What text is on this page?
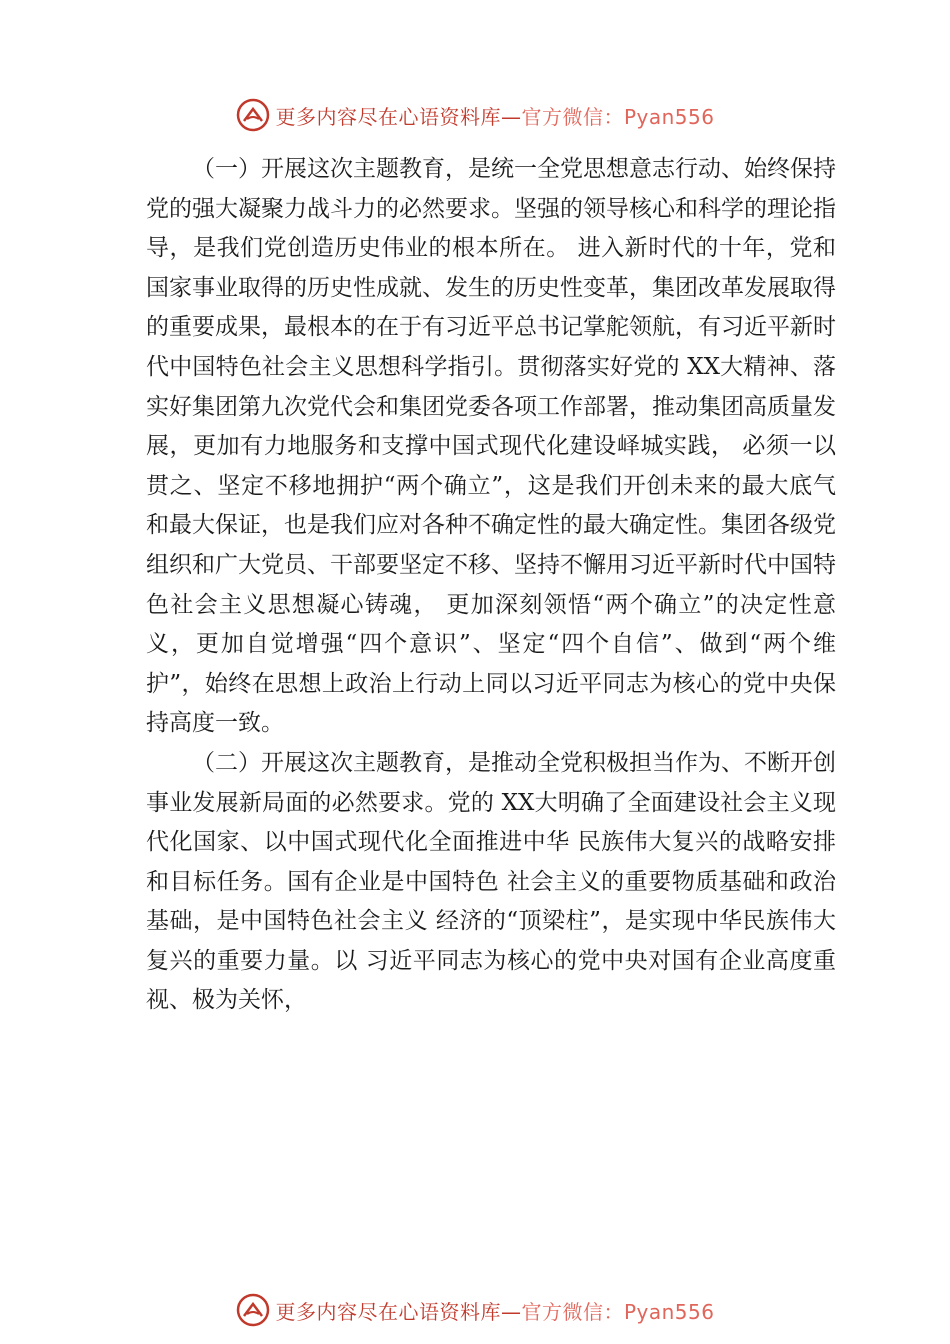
更多内容尽在心语资料库—官方微信：Pyan556

（一）开展这次主题教育，是统一全党思想意志行动、始终保持党的强大凝聚力战斗力的必然要求。坚强的领导核心和科学的理论指导，是我们党创造历史伟业的根本所在。 进入新时代的十年，党和国家事业取得的历史性成就、发生的历史性变革，集团改革发展取得的重要成果，最根本的在于有习近平总书记掌舵领航，有习近平新时代中国特色社会主义思想科学指引。贯彻落实好党的 XX大精神、落实好集团第九次党代会和集团党委各项工作部署，推动集团高质量发展，更加有力地服务和支撑中国式现代化建设峄城实践， 必须一以贯之、坚定不移地拥护“两个确立”，这是我们开创未来的最大底气和最大保证，也是我们应对各种不确定性的最大确定性。集团各级党组织和广大党员、干部要坚定不移、坚持不懈用习近平新时代中国特色社会主义思想凝心铸魂， 更加深刻领悟“两个确立”的决定性意义，更加自觉增强“四个意识”、坚定“四个自信”、做到“两个维护”，始终在思想上政治上行动上同以习近平同志为核心的党中央保持高度一致。

（二）开展这次主题教育，是推动全党积极担当作为、不断开创事业发展新局面的必然要求。党的 XX大明确了全面建设社会主义现代化国家、以中国式现代化全面推进中华 民族伟大复兴的战略安排和目标任务。国有企业是中国特色 社会主义的重要物质基础和政治基础，是中国特色社会主义 经济的“顶梁柱”，是实现中华民族伟大复兴的重要力量。以 习近平同志为核心的党中央对国有企业高度重视、极为关怀，

更多内容尽在心语资料库—官方微信：Pyan556
